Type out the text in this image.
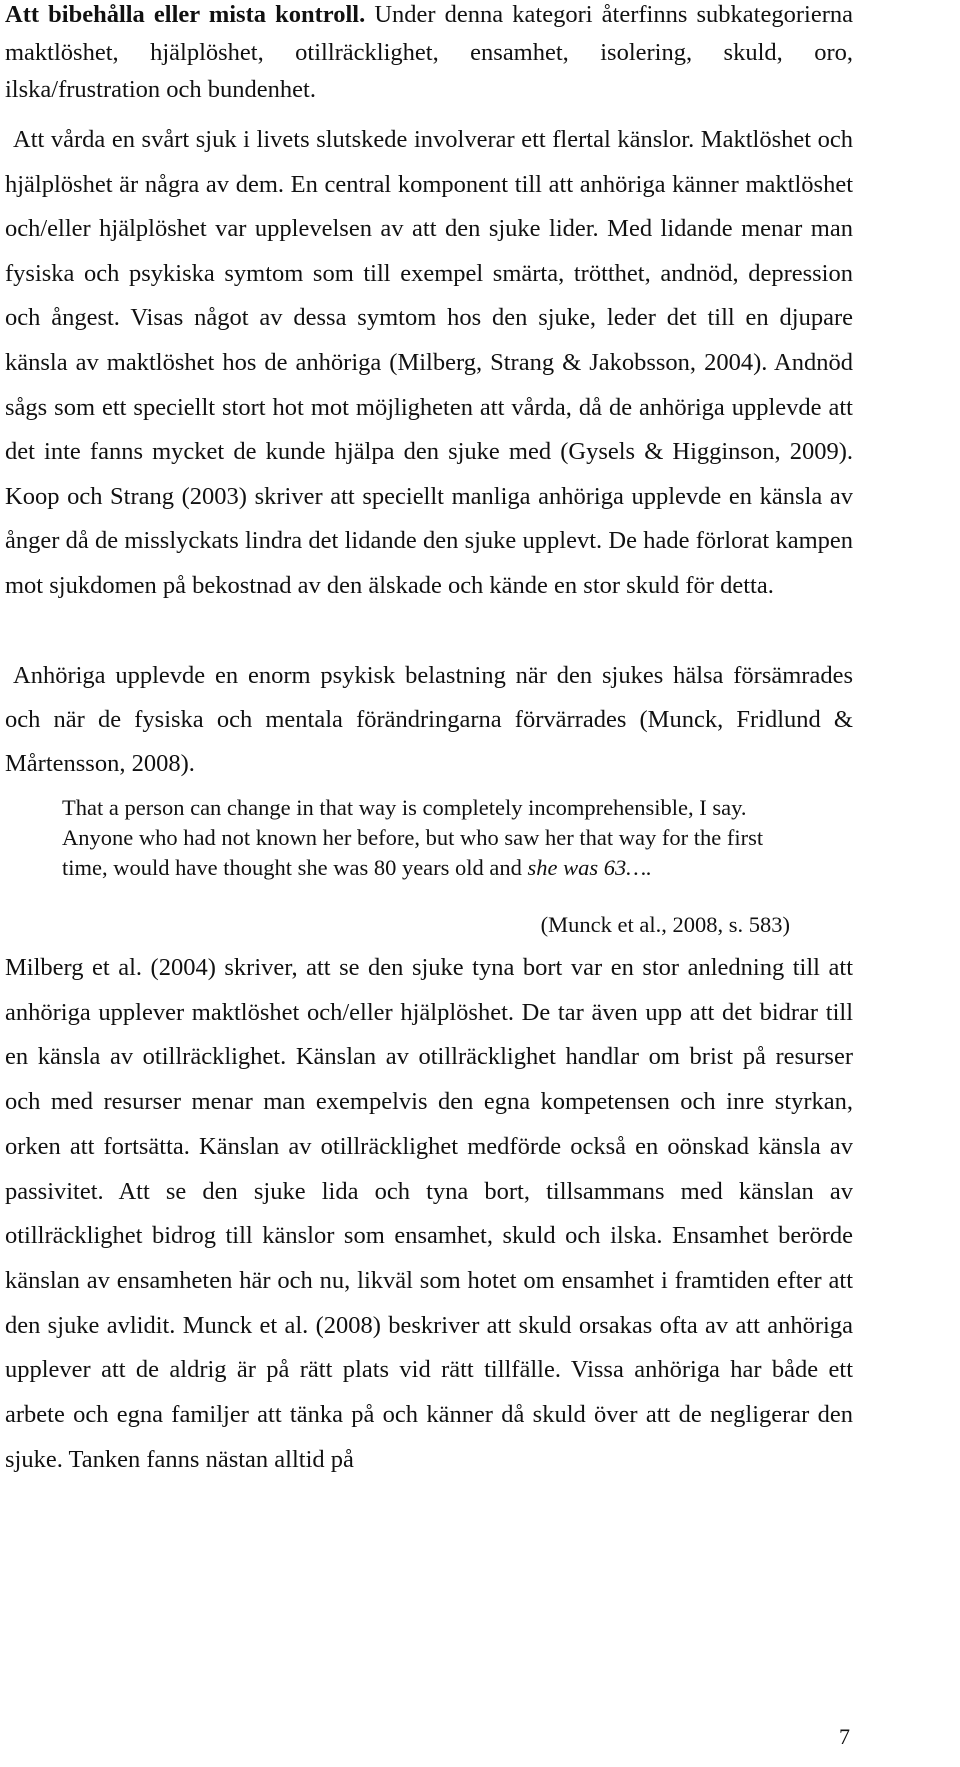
Att bibehålla eller mista kontroll. Under denna kategori återfinns subkategorierna maktlöshet, hjälplöshet, otillräcklighet, ensamhet, isolering, skuld, oro, ilska/frustration och bundenhet.

Att vårda en svårt sjuk i livets slutskede involverar ett flertal känslor. Maktlöshet och hjälplöshet är några av dem. En central komponent till att anhöriga känner maktlöshet och/eller hjälplöshet var upplevelsen av att den sjuke lider. Med lidande menar man fysiska och psykiska symtom som till exempel smärta, trötthet, andnöd, depression och ångest. Visas något av dessa symtom hos den sjuke, leder det till en djupare känsla av maktlöshet hos de anhöriga (Milberg, Strang & Jakobsson, 2004). Andnöd sågs som ett speciellt stort hot mot möjligheten att vårda, då de anhöriga upplevde att det inte fanns mycket de kunde hjälpa den sjuke med (Gysels & Higginson, 2009). Koop och Strang (2003) skriver att speciellt manliga anhöriga upplevde en känsla av ånger då de misslyckats lindra det lidande den sjuke upplevt. De hade förlorat kampen mot sjukdomen på bekostnad av den älskade och kände en stor skuld för detta.

Anhöriga upplevde en enorm psykisk belastning när den sjukes hälsa försämrades och när de fysiska och mentala förändringarna förvärrades (Munck, Fridlund & Mårtensson, 2008).

That a person can change in that way is completely incomprehensible, I say. Anyone who had not known her before, but who saw her that way for the first time, would have thought she was 80 years old and she was 63….

(Munck et al., 2008, s. 583)

Milberg et al. (2004) skriver, att se den sjuke tyna bort var en stor anledning till att anhöriga upplever maktlöshet och/eller hjälplöshet. De tar även upp att det bidrar till en känsla av otillräcklighet. Känslan av otillräcklighet handlar om brist på resurser och med resurser menar man exempelvis den egna kompetensen och inre styrkan, orken att fortsätta. Känslan av otillräcklighet medförde också en oönskad känsla av passivitet. Att se den sjuke lida och tyna bort, tillsammans med känslan av otillräcklighet bidrog till känslor som ensamhet, skuld och ilska. Ensamhet berörde känslan av ensamheten här och nu, likväl som hotet om ensamhet i framtiden efter att den sjuke avlidit. Munck et al. (2008) beskriver att skuld orsakas ofta av att anhöriga upplever att de aldrig är på rätt plats vid rätt tillfälle. Vissa anhöriga har både ett arbete och egna familjer att tänka på och känner då skuld över att de negligerar den sjuke. Tanken fanns nästan alltid på

7
